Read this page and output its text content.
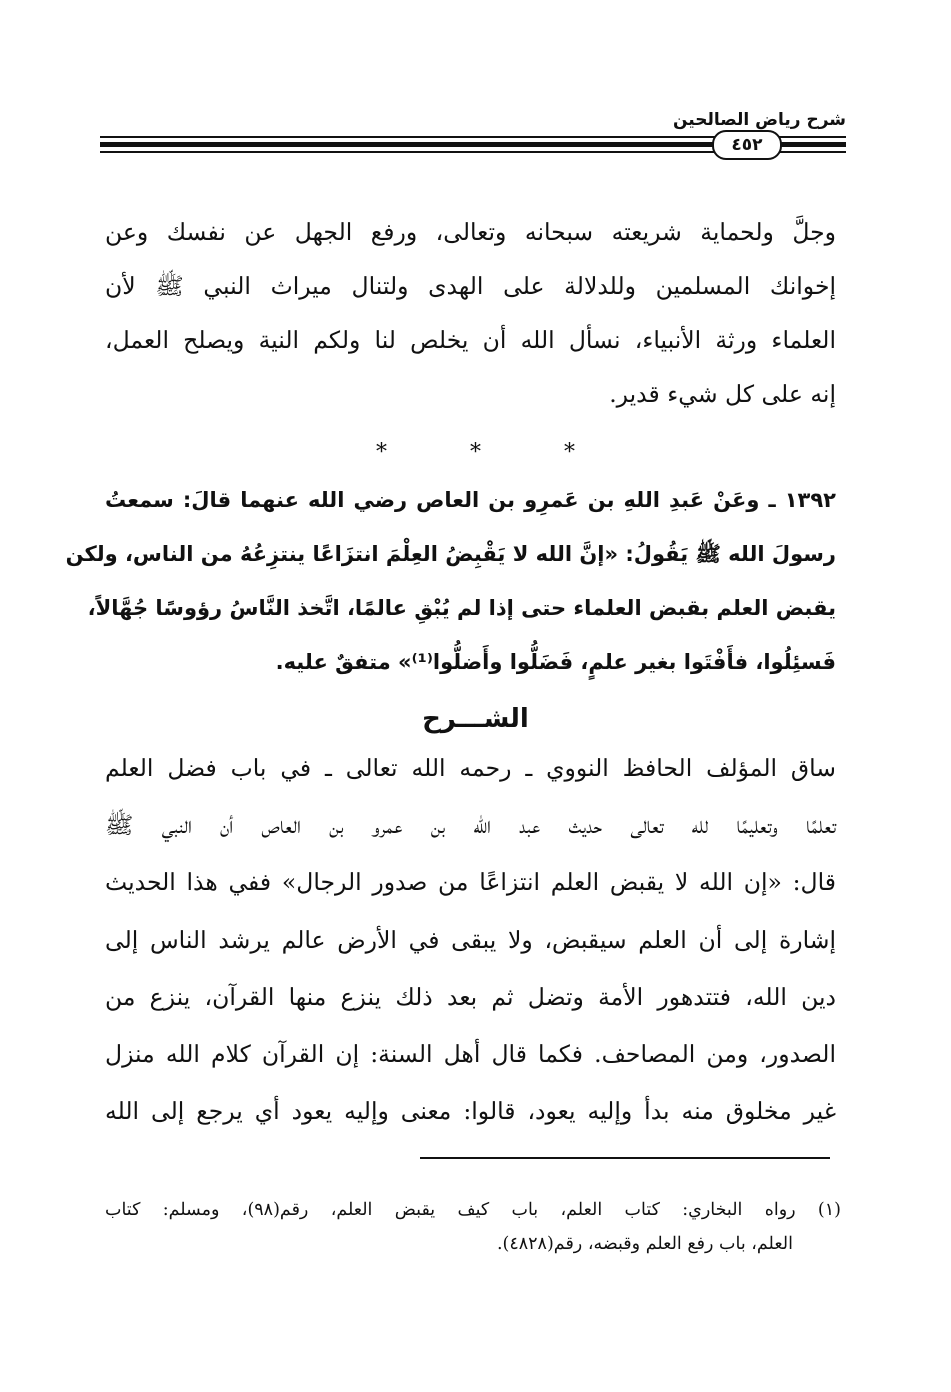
شرح رياض الصالحين
٤٥٢
وجلَّ ولحماية شريعته سبحانه وتعالى، ورفع الجهل عن نفسك وعن
إخوانك المسلمين وللدلالة على الهدى ولتنال ميراث النبي ﷺ لأن
العلماء ورثة الأنبياء، نسأل الله أن يخلص لنا ولكم النية ويصلح العمل،
إنه على كل شيء قدير.
*	*	*
١٣٩٢ ـ وعَنْ عَبدِ اللهِ بن عَمرِو بن العاص رضي الله عنهما قالَ: سمعتُ
رسولَ الله ﷺ يَقُولُ: «إنَّ الله لا يَقْبِضُ العِلْمَ انتزَاعًا ينتزِعُهُ من الناس، ولكن
يقبض العلم بقبض العلماء حتى إذا لم يُبْقِ عالمًا، اتَّخذ النَّاسُ رؤوسًا جُهَّالاً،
فَسئِلُوا، فأَفْتَوا بغير علمٍ، فَضَلُّوا وأَضلُّوا⁽¹⁾» متفقٌ عليه.
الشـــرح
ساق المؤلف الحافظ النووي ـ رحمه الله تعالى ـ في باب فضل العلم
تعلمًا وتعليمًا لله تعالى حديث عبد الله بن عمرو بن العاص أن النبي ﷺ
قال: «إن الله لا يقبض العلم انتزاعًا من صدور الرجال» ففي هذا الحديث
إشارة إلى أن العلم سيقبض، ولا يبقى في الأرض عالم يرشد الناس إلى
دين الله، فتتدهور الأمة وتضل ثم بعد ذلك ينزع منها القرآن، ينزع من
الصدور، ومن المصاحف. فكما قال أهل السنة: إن القرآن كلام الله منزل
غير مخلوق منه بدأ وإليه يعود، قالوا: معنى وإليه يعود أي يرجع إلى الله
(١) رواه البخاري: كتاب العلم، باب كيف يقبض العلم، رقم(٩٨)، ومسلم: كتاب
العلم، باب رفع العلم وقبضه، رقم(٤٨٢٨).
